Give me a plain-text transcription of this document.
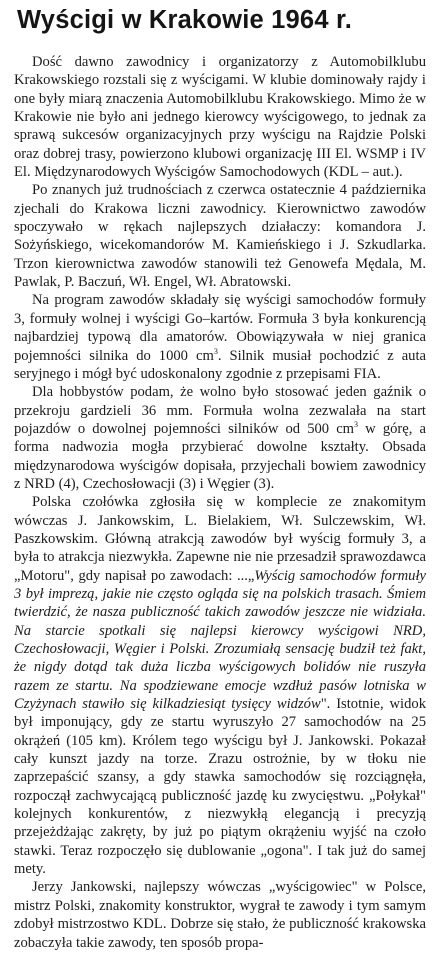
Wyścigi w Krakowie 1964 r.

Dość dawno zawodnicy i organizatorzy z Automobilklubu Krakowskiego rozstali się z wyścigami. W klubie dominowały rajdy i one były miarą znaczenia Automobilklubu Krakowskiego. Mimo że w Krakowie nie było ani jednego kierowcy wyścigowego, to jednak za sprawą sukcesów organizacyjnych przy wyścigu na Rajdzie Polski oraz dobrej trasy, powierzono klubowi organizację III El. WSMP i IV El. Międzynarodowych Wyścigów Samochodowych (KDL – aut.).

Po znanych już trudnościach z czerwca ostatecznie 4 października zjechali do Krakowa liczni zawodnicy. Kierownictwo zawodów spoczywało w rękach najlepszych działaczy: komandora J. Sożyńskiego, wicekomandorów M. Kamieńskiego i J. Szkudlarka. Trzon kierownictwa zawodów stanowili też Genowefa Mędala, M. Pawlak, P. Baczuń, Wł. Engel, Wł. Abratowski.

Na program zawodów składały się wyścigi samochodów formuły 3, formuły wolnej i wyścigi Go–kartów. Formuła 3 była konkurencją najbardziej typową dla amatorów. Obowiązywała w niej granica pojemności silnika do 1000 $cm^3$. Silnik musiał pochodzić z auta seryjnego i mógł być udoskonalony zgodnie z przepisami FIA.

Dla hobbystów podam, że wolno było stosować jeden gaźnik o przekroju gardzieli 36 mm. Formuła wolna zezwalała na start pojazdów o dowolnej pojemności silników od 500 $cm^3$ w górę, a forma nadwozia mogła przybierać dowolne kształty. Obsada międzynarodowa wyścigów dopisała, przyjechali bowiem zawodnicy z NRD (4), Czechosłowacji (3) i Węgier (3).

Polska czołówka zgłosiła się w komplecie ze znakomitym wówczas J. Jankowskim, L. Bielakiem, Wł. Sulczewskim, Wł. Paszkowskim. Główną atrakcją zawodów był wyścig formuły 3, a była to atrakcja niezwykła. Zapewne nie nie przesadził sprawozdawca „Motoru", gdy napisał po zawodach: ...„Wyścig samochodów formuły 3 był imprezą, jakie nie często ogląda się na polskich trasach. Śmiem twierdzić, że nasza publiczność takich zawodów jeszcze nie widziała. Na starcie spotkali się najlepsi kierowcy wyścigowi NRD, Czechosłowacji, Węgier i Polski. Zrozumiałą sensację budził też fakt, że nigdy dotąd tak duża liczba wyścigowych bolidów nie ruszyła razem ze startu. Na spodziewane emocje wzdłuż pasów lotniska w Czyżynach stawiło się kilkadziesiąt tysięcy widzów". Istotnie, widok był imponujący, gdy ze startu wyruszyło 27 samochodów na 25 okrążeń (105 km). Królem tego wyścigu był J. Jankowski. Pokazał cały kunszt jazdy na torze. Zrazu ostrożnie, by w tłoku nie zaprzepaścić szansy, a gdy stawka samochodów się rozciągnęła, rozpoczął zachwycającą publiczność jazdę ku zwycięstwu. „Połykał" kolejnych konkurentów, z niezwykłą elegancją i precyzją przejeżdżając zakręty, by już po piątym okrążeniu wyjść na czoło stawki. Teraz rozpoczęło się dublowanie „ogona". I tak już do samej mety.

Jerzy Jankowski, najlepszy wówczas „wyścigowiec" w Polsce, mistrz Polski, znakomity konstruktor, wygrał te zawody i tym samym zdobył mistrzostwo KDL. Dobrze się stało, że publiczność krakowska zobaczyła takie zawody, ten sposób propa-
